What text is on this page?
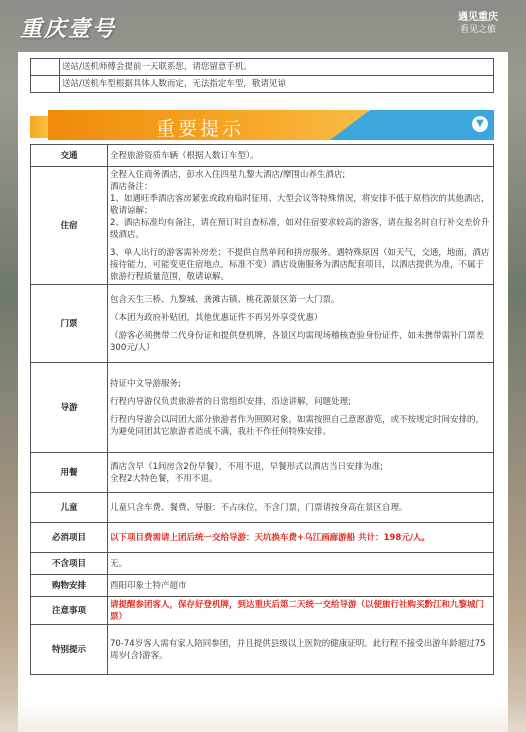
重庆壹号	遇见重庆
看见之旅
	送站/送机师傅会提前一天联系您，请您留意手机。
	送站/送机车型根据具体人数而定，无法指定车型，敬请见谅
重要提示	▼
交通	全程旅游资质车辆（根据人数订车型）。

住宿	全程入住商务酒店，彭水入住四星九黎大酒店/摩围山养生酒店;

酒店备注：

1、如遇旺季酒店客房紧张或政府临时征用、大型会议等特殊情况，将安排不低于原档次的其他酒店，敬请谅解；

2、酒店标准均有备注，请在预订时自查标准，如对住宿要求较高的游客，请在报名时自行补交差价升级酒店。

3、单人出行的游客需补房差；不提供自然单间和拼房服务。遇特殊原因（如天气，交通，地面，酒店接待能力，可能变更住宿地点，标准不变）酒店设施服务为酒店配套项目，以酒店提供为准，不属于旅游行程质量范围，敬请谅解。

门票	包含天生三桥、九黎城、龚滩古镇、桃花源景区第一大门票。

（本团为政府补贴团，其他优惠证件不再另外享受优惠）

（游客必须携带二代身份证和提供登机牌，各景区均需现场稽核查验身份证件，如未携带需补门票差300元/人）

导游	持证中文导游服务;

行程内导游仅负责旅游者的日常组织安排，沿途讲解，问题处理;

行程内导游会以同团大部分旅游者作为照顾对象，如需按照自己意愿游览，或不按规定时间安排的，为避免同团其它旅游者造成不满，我社不作任何特殊安排。

用餐	酒店含早（1间房含2份早餐），不用不退，早餐形式以酒店当日安排为准;

全程2大特色餐，不用不退。

儿童	儿童只含车费、餐费、导服：不占床位，不含门票，门票请按身高在景区自理。

必消项目	以下项目费需请上团后统一交给导游：天坑换车费+乌江画廊游船 共计：198元/人。

不含项目	无。

购物安排	酉阳印象土特产超市

注意事项	请提醒参团客人，保存好登机牌，到达重庆后第二天统一交给导游（以便旅行社购买黔江和九黎城门票）

特别提示	70-74岁客人需有家人陪同参团，并且提供县级以上医院的健康证明。此行程不接受出游年龄超过75周岁(含)游客。
